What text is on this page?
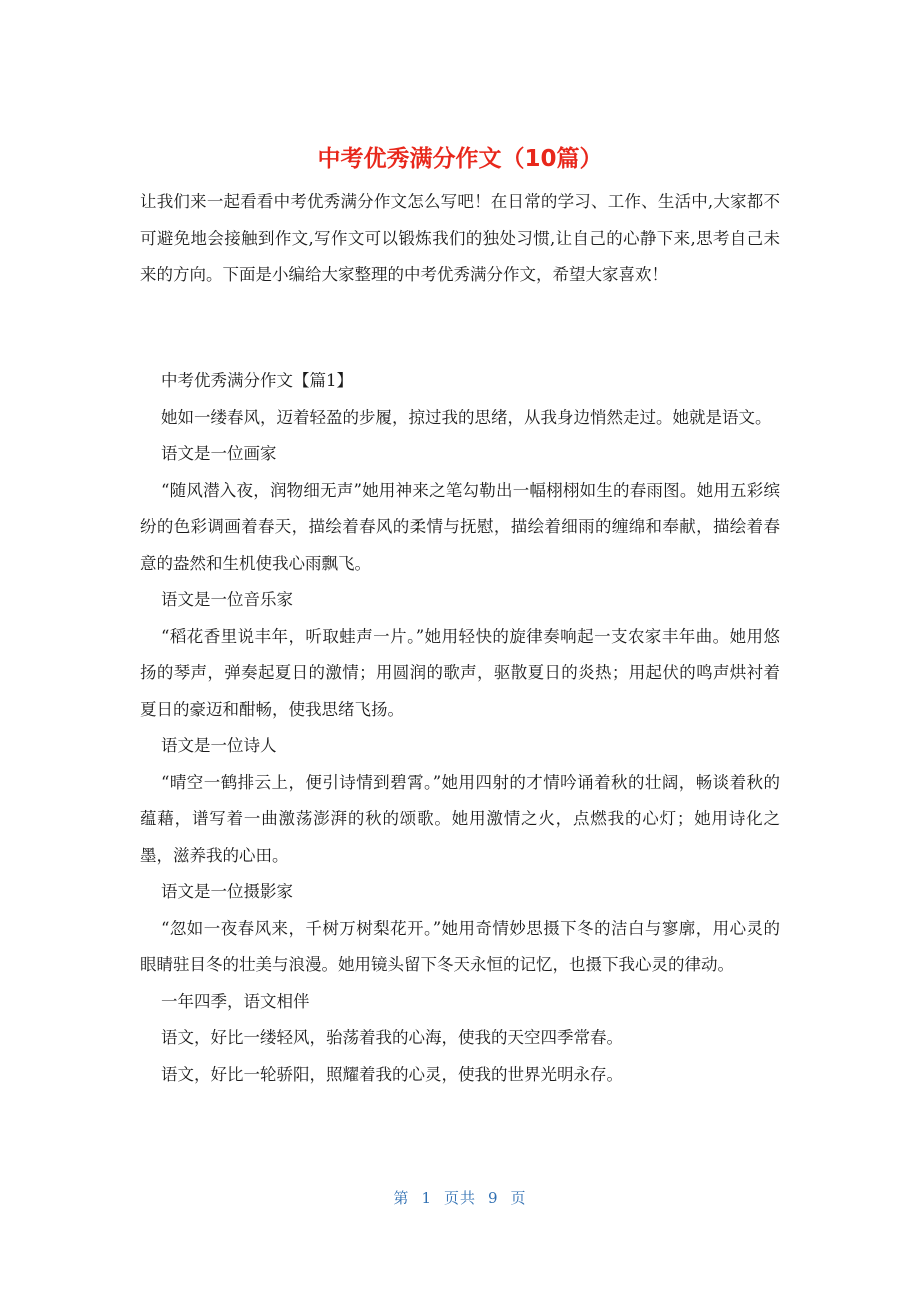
中考优秀满分作文（10篇）

让我们来一起看看中考优秀满分作文怎么写吧！在日常的学习、工作、生活中,大家都不可避免地会接触到作文,写作文可以锻炼我们的独处习惯,让自己的心静下来,思考自己未来的方向。下面是小编给大家整理的中考优秀满分作文，希望大家喜欢！

中考优秀满分作文【篇1】

她如一缕春风，迈着轻盈的步履，掠过我的思绪，从我身边悄然走过。她就是语文。

语文是一位画家

“随风潜入夜，润物细无声”她用神来之笔勾勒出一幅栩栩如生的春雨图。她用五彩缤纷的色彩调画着春天，描绘着春风的柔情与抚慰，描绘着细雨的缠绵和奉献，描绘着春意的盎然和生机使我心雨飘飞。

语文是一位音乐家

“稻花香里说丰年，听取蛙声一片。”她用轻快的旋律奏响起一支农家丰年曲。她用悠扬的琴声，弹奏起夏日的激情；用圆润的歌声，驱散夏日的炎热；用起伏的鸣声烘衬着夏日的豪迈和酣畅，使我思绪飞扬。

语文是一位诗人

“晴空一鹤排云上，便引诗情到碧霄。”她用四射的才情吟诵着秋的壮阔，畅谈着秋的蕴藉，谱写着一曲激荡澎湃的秋的颂歌。她用激情之火，点燃我的心灯；她用诗化之墨，滋养我的心田。

语文是一位摄影家

“忽如一夜春风来，千树万树梨花开。”她用奇情妙思摄下冬的洁白与寥廓，用心灵的眼睛驻目冬的壮美与浪漫。她用镜头留下冬天永恒的记忆，也摄下我心灵的律动。

一年四季，语文相伴

语文，好比一缕轻风，骀荡着我的心海，使我的天空四季常春。

语文，好比一轮骄阳，照耀着我的心灵，使我的世界光明永存。

第 1 页共 9 页
